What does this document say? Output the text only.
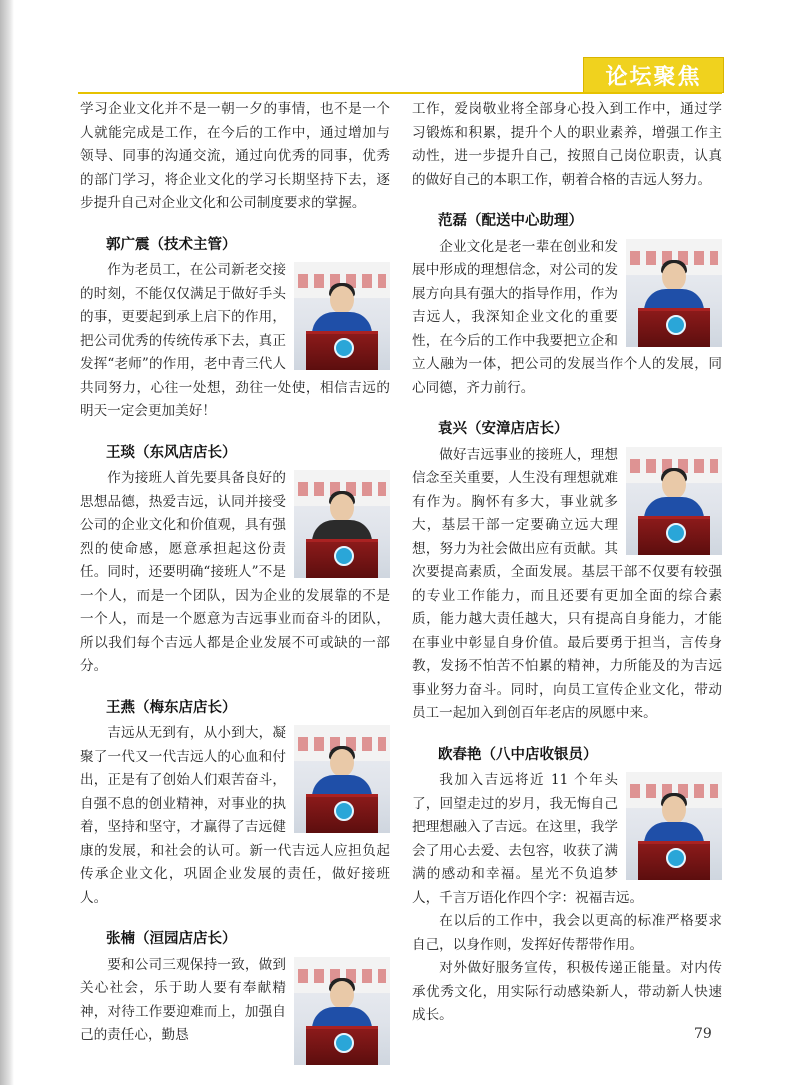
论坛聚焦

学习企业文化并不是一朝一夕的事情，也不是一个人就能完成是工作，在今后的工作中，通过增加与领导、同事的沟通交流，通过向优秀的同事，优秀的部门学习，将企业文化的学习长期坚持下去，逐步提升自己对企业文化和公司制度要求的掌握。

郭广震（技术主管）

作为老员工，在公司新老交接的时刻，不能仅仅满足于做好手头的事，更要起到承上启下的作用，把公司优秀的传统传承下去，真正发挥“老师”的作用，老中青三代人共同努力，心往一处想，劲往一处使，相信吉远的明天一定会更加美好！

王琰（东风店店长）

作为接班人首先要具备良好的思想品德，热爱吉远，认同并接受公司的企业文化和价值观，具有强烈的使命感，愿意承担起这份责任。同时，还要明确“接班人”不是一个人，而是一个团队，因为企业的发展靠的不是一个人，而是一个愿意为吉远事业而奋斗的团队，所以我们每个吉远人都是企业发展不可或缺的一部分。

王燕（梅东店店长）

吉远从无到有，从小到大，凝聚了一代又一代吉远人的心血和付出，正是有了创始人们艰苦奋斗，自强不息的创业精神，对事业的执着，坚持和坚守，才赢得了吉远健康的发展，和社会的认可。新一代吉远人应担负起传承企业文化，巩固企业发展的责任，做好接班人。

张楠（洹园店店长）

要和公司三观保持一致，做到关心社会，乐于助人要有奉献精神，对待工作要迎难而上，加强自己的责任心，勤恳

工作，爱岗敬业将全部身心投入到工作中，通过学习锻炼和积累，提升个人的职业素养，增强工作主动性，进一步提升自己，按照自己岗位职责，认真的做好自己的本职工作，朝着合格的吉远人努力。

范磊（配送中心助理）

企业文化是老一辈在创业和发展中形成的理想信念，对公司的发展方向具有强大的指导作用，作为吉远人，我深知企业文化的重要性，在今后的工作中我要把立企和立人融为一体，把公司的发展当作个人的发展，同心同德，齐力前行。

袁兴（安漳店店长）

做好吉远事业的接班人，理想信念至关重要，人生没有理想就难有作为。胸怀有多大，事业就多大，基层干部一定要确立远大理想，努力为社会做出应有贡献。其次要提高素质，全面发展。基层干部不仅要有较强的专业工作能力，而且还要有更加全面的综合素质，能力越大责任越大，只有提高自身能力，才能在事业中彰显自身价值。最后要勇于担当，言传身教，发扬不怕苦不怕累的精神，力所能及的为吉远事业努力奋斗。同时，向员工宣传企业文化，带动员工一起加入到创百年老店的夙愿中来。

欧春艳（八中店收银员）

我加入吉远将近 11 个年头了，回望走过的岁月，我无悔自己把理想融入了吉远。在这里，我学会了用心去爱、去包容，收获了满满的感动和幸福。星光不负追梦人，千言万语化作四个字：祝福吉远。

在以后的工作中，我会以更高的标准严格要求自己，以身作则，发挥好传帮带作用。

对外做好服务宣传，积极传递正能量。对内传承优秀文化，用实际行动感染新人，带动新人快速成长。

79
